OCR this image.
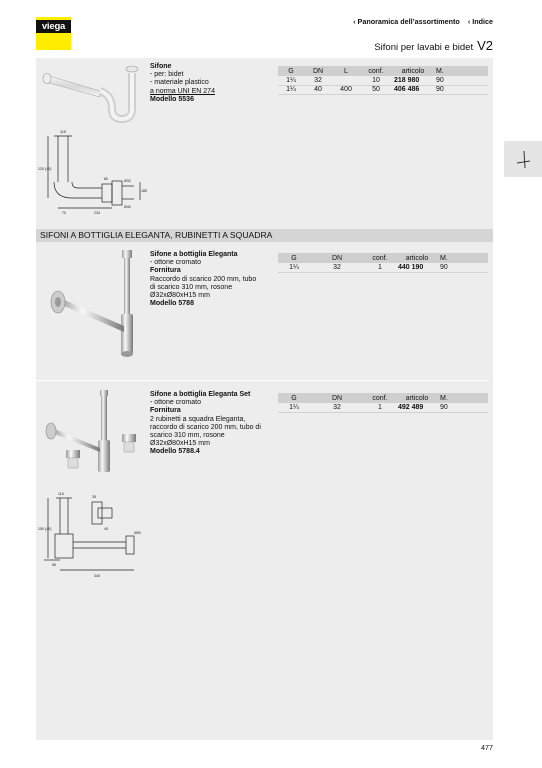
viega	‹ Panoramica dell’assortimento ‹ Indice
Sifoni per lavabi e bidet V2
Sifone
- per: bidet
- materiale plastico
a norma UNI EN 274
Modello 5536
G	DN	L	conf.	articolo	M.
1¼	32		10	218 980	90
1¼	40	400	50	406 486	90
115
120 (40)
70	234
Ø32
Ø40
185
80
SIFONI A BOTTIGLIA ELEGANTA, RUBINETTI A SQUADRA
Sifone a bottiglia Eleganta
- ottone cromato
Fornitura
Raccordo di scarico 200 mm, tubo
di scarico 310 mm, rosone
Ø32xØ80xH15 mm
Modello 5788
G	DN	conf.	articolo	M.
1¼	32	1	440 190	90
Sifone a bottiglia Eleganta Set
- ottone cromato
Fornitura
2 rubinetti a squadra Eleganta,
raccordo di scarico 200 mm, tubo di
scarico 310 mm, rosone
Ø32xØ80xH15 mm
Modello 5788.4
G	DN	conf.	articolo	M.
1¼	32	1	492 489	90
115
35
45
150 (40)
Ø50
56
340
477
